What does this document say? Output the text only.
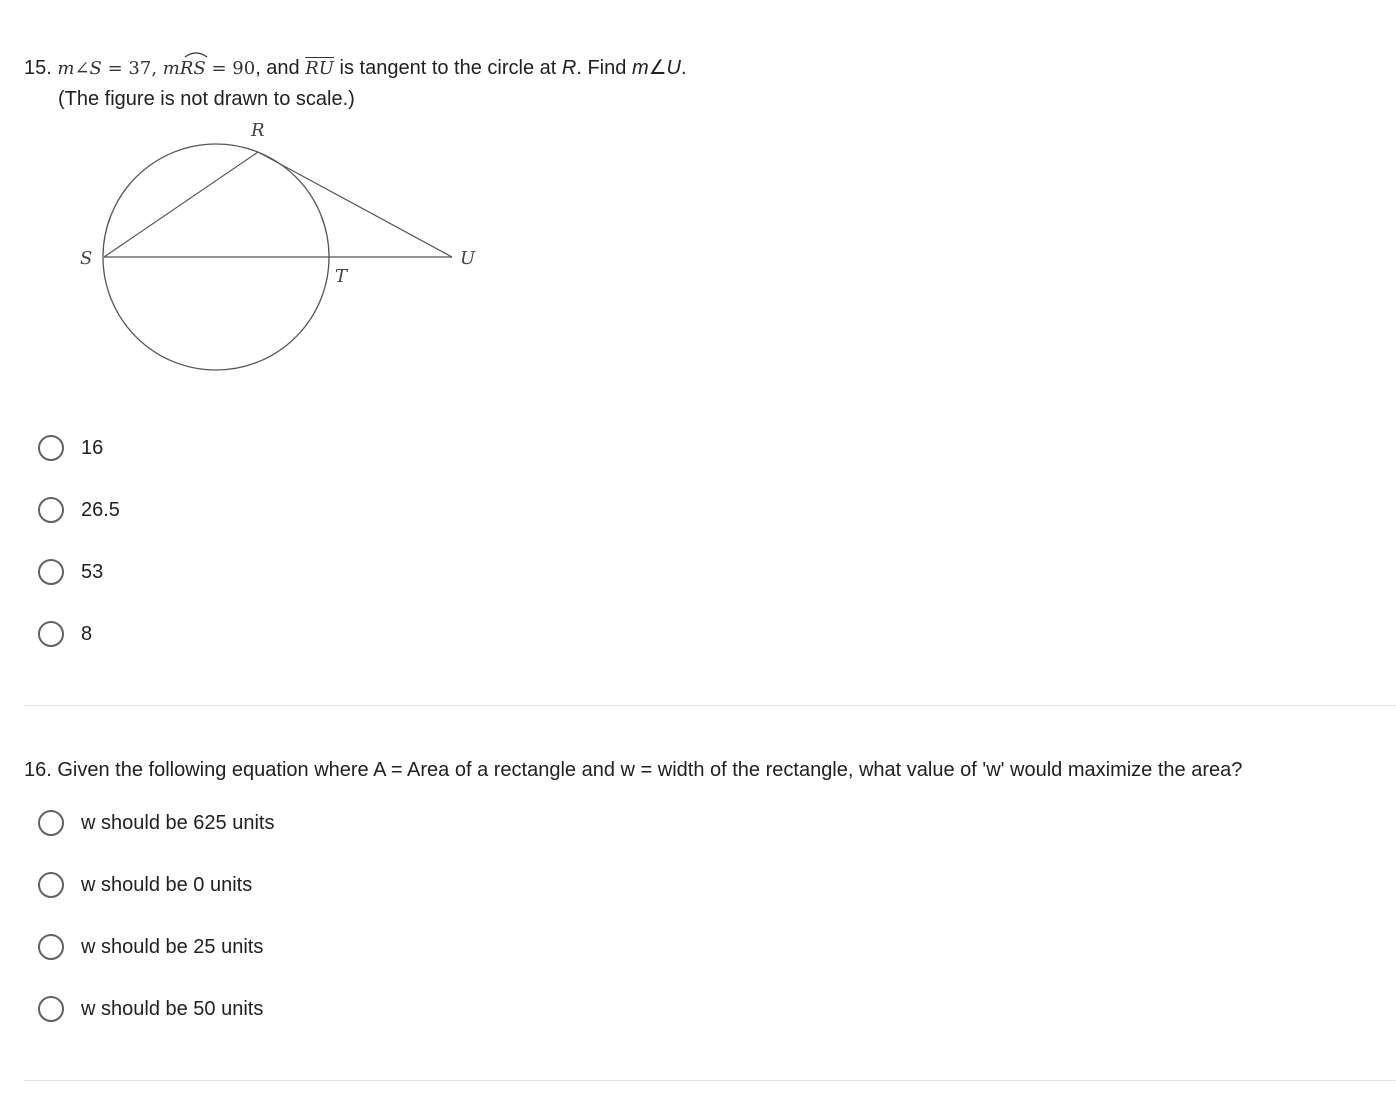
15. m∠S = 37, m
RS = 90, and $\overline{RU}$ is tangent to the circle at R. Find m∠U.
(The figure is not drawn to scale.)
R
S
T
U
16
26.5
53
8
16. Given the following equation where A = Area of a rectangle and w = width of the rectangle, what value of 'w' would maximize the area?
w should be 625 units
w should be 0 units
w should be 25 units
w should be 50 units
